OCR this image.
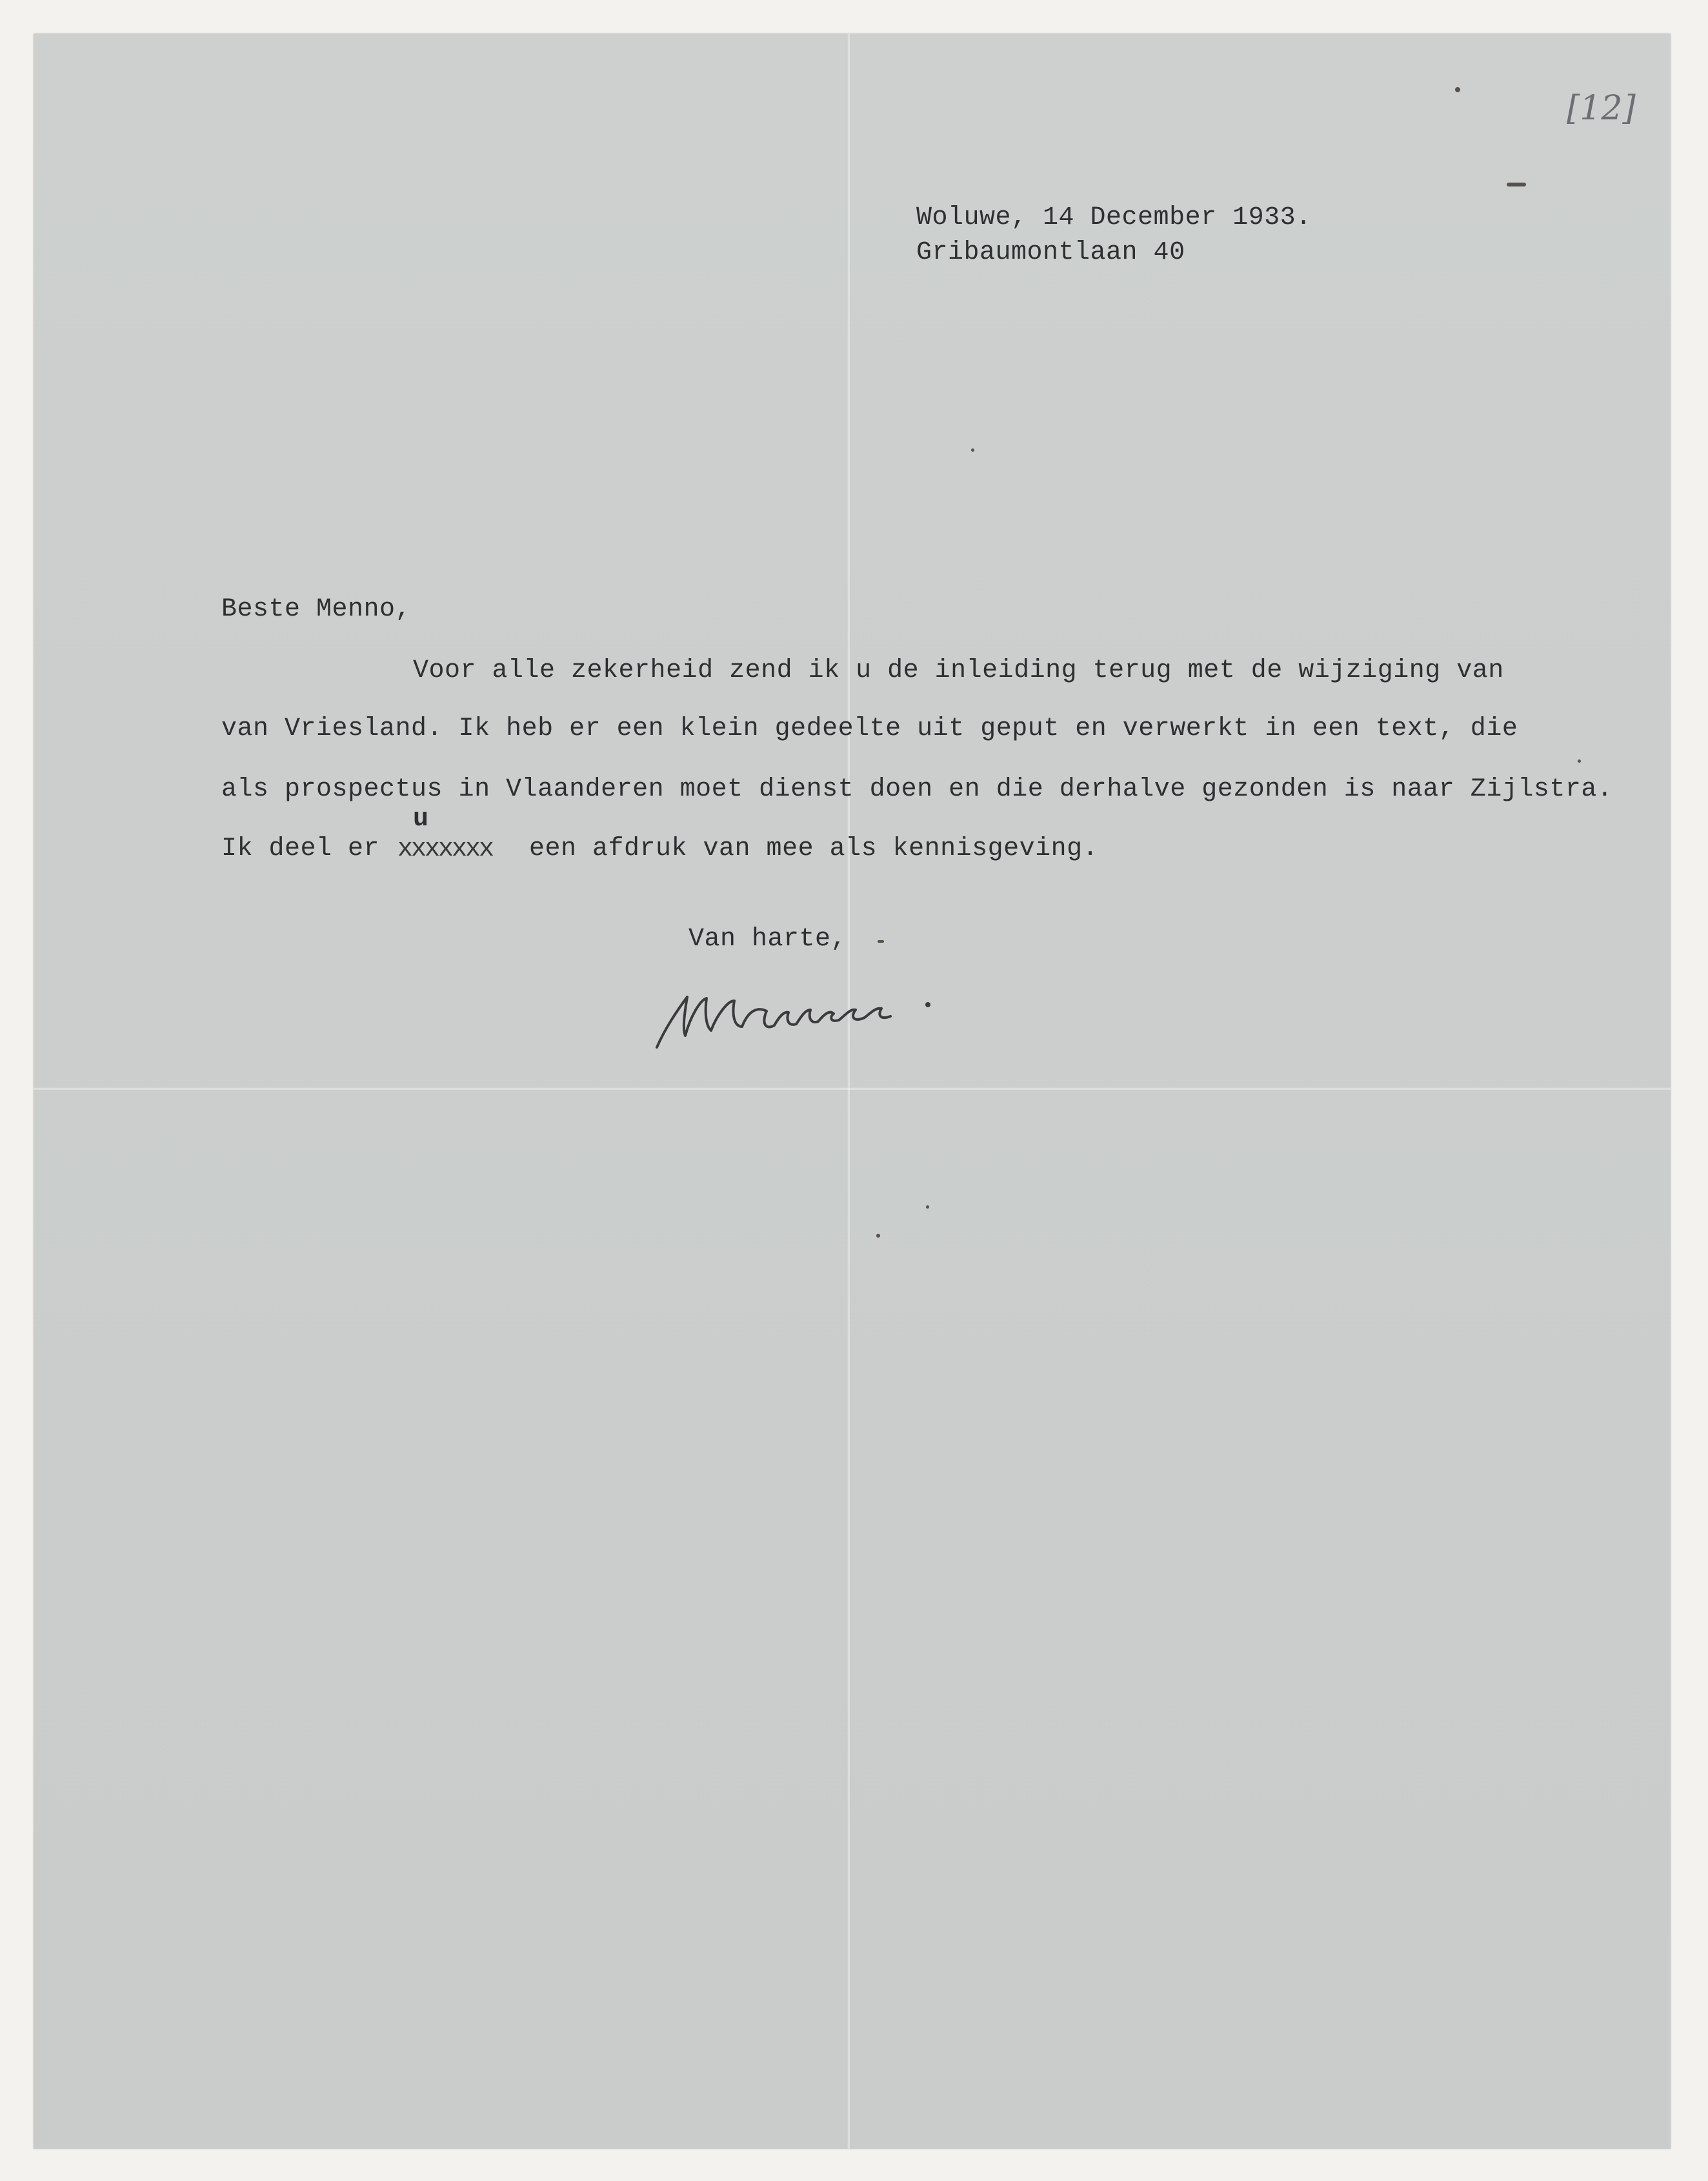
[12]
Woluwe, 14 December 1933.
Gribaumontlaan 40
Beste Menno,
Voor alle zekerheid zend ik u de inleiding terug met de wijziging van
van Vriesland. Ik heb er een klein gedeelte uit geput en verwerkt in een text, die
als prospectus in Vlaanderen moet dienst doen en die derhalve gezonden is naar Zijlstra.
u
Ik deel er xxxxxxx	een afdruk van mee als kennisgeving.
Van harte,
